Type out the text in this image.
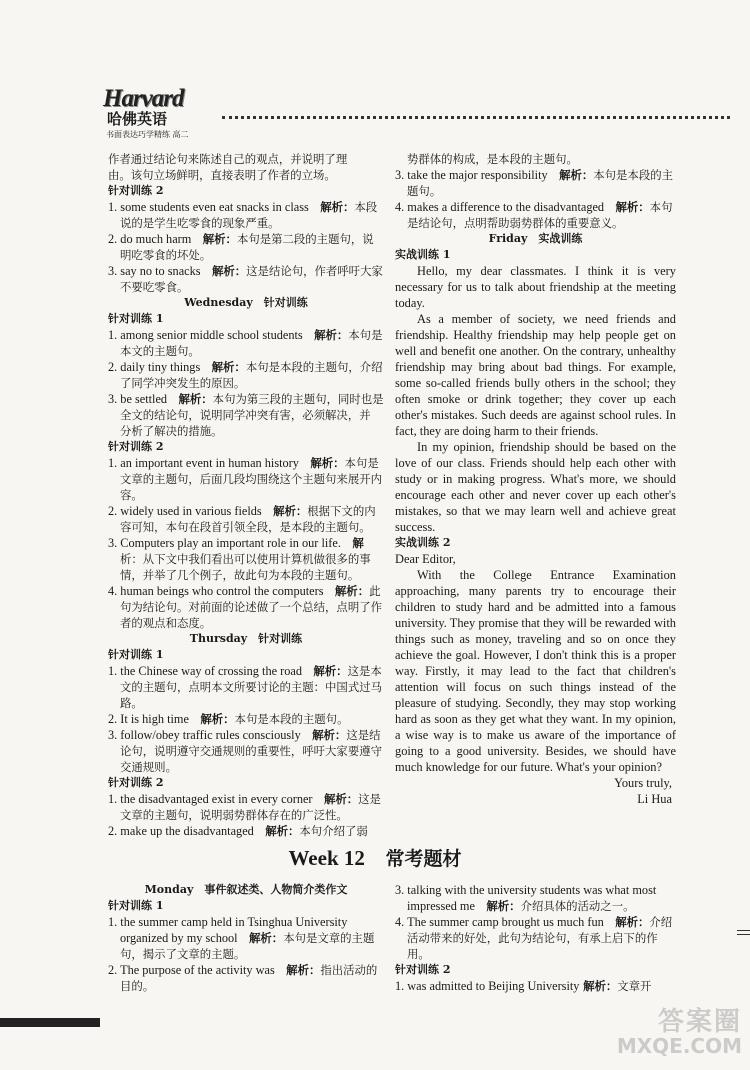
Harvard
哈佛英语
书面表达巧学精练 高二

作者通过结论句来陈述自己的观点，并说明了理

由。该句立场鲜明，直接表明了作者的立场。

针对训练 2

1. some students even eat snacks in class　 解析：本段说的是学生吃零食的现象严重。

2. do much harm　 解析：本句是第二段的主题句，说明吃零食的坏处。

3. say no to snacks　 解析：这是结论句，作者呼吁大家不要吃零食。

Wednesday　针对训练

针对训练 1

1. among senior middle school students　 解析：本句是本文的主题句。

2. daily tiny things　 解析：本句是本段的主题句，介绍了同学冲突发生的原因。

3. be settled　 解析：本句为第三段的主题句，同时也是全文的结论句，说明同学冲突有害，必须解决，并 分析了解决的措施。

针对训练 2

1. an important event in human history　 解析：本句是文章的主题句，后面几段均围绕这个主题句来展开内容。

2. widely used in various fields　 解析：根据下文的内容可知，本句在段首引领全段，是本段的主题句。

3. Computers play an important role in our life.　 解析：从下文中我们看出可以使用计算机做很多的事情，并举了几个例子，故此句为本段的主题句。

4. human beings who control the computers　 解析：此句为结论句。对前面的论述做了一个总结，点明了作者的观点和态度。

Thursday　针对训练

针对训练 1

1. the Chinese way of crossing the road　 解析：这是本文的主题句，点明本文所要讨论的主题：中国式过马路。

2. It is high time　 解析：本句是本段的主题句。

3. follow/obey traffic rules consciously　 解析：这是结论句，说明遵守交通规则的重要性，呼吁大家要遵守交通规则。

针对训练 2

1. the disadvantaged exist in every corner　 解析：这是文章的主题句，说明弱势群体存在的广泛性。

2. make up the disadvantaged　 解析：本句介绍了弱

势群体的构成，是本段的主题句。

3. take the major responsibility　 解析：本句是本段的主题句。

4. makes a difference to the disadvantaged　 解析：本句是结论句，点明帮助弱势群体的重要意义。

Friday　实战训练

实战训练 1

Hello, my dear classmates. I think it is very necessary for us to talk about friendship at the meeting today.

As a member of society, we need friends and friendship. Healthy friendship may help people get on well and benefit one another. On the contrary, unhealthy friendship may bring about bad things. For example, some so-called friends bully others in the school; they often smoke or drink together; they cover up each other's mistakes. Such deeds are against school rules. In fact, they are doing harm to their friends.

In my opinion, friendship should be based on the love of our class. Friends should help each other with study or in making progress. What's more, we should encourage each other and never cover up each other's mistakes, so that we may learn well and achieve great success.

实战训练 2

Dear Editor,

With the College Entrance Examination approaching, many parents try to encourage their children to study hard and be admitted into a famous university. They promise that they will be rewarded with things such as money, traveling and so on once they achieve the goal. However, I don't think this is a proper way. Firstly, it may lead to the fact that children's attention will focus on such things instead of the pleasure of studying. Secondly, they may stop working hard as soon as they get what they want. In my opinion, a wise way is to make us aware of the importance of going to a good university. Besides, we should have much knowledge for our future. What's your opinion?

Yours truly,

Li Hua

Week 12 常考题材

Monday　事件叙述类、人物简介类作文

针对训练 1

1. the summer camp held in Tsinghua University organized by my school　 解析：本句是文章的主题句，揭示了文章的主题。

2. The purpose of the activity was　 解析：指出活动的目的。

3. talking with the university students was what most impressed me　 解析：介绍具体的活动之一。

4. The summer camp brought us much fun　 解析：介绍活动带来的好处，此句为结论句，有承上启下的作用。

针对训练 2

1. was admitted to Beijing University 解析：文章开

答案圈
MXQE.COM
